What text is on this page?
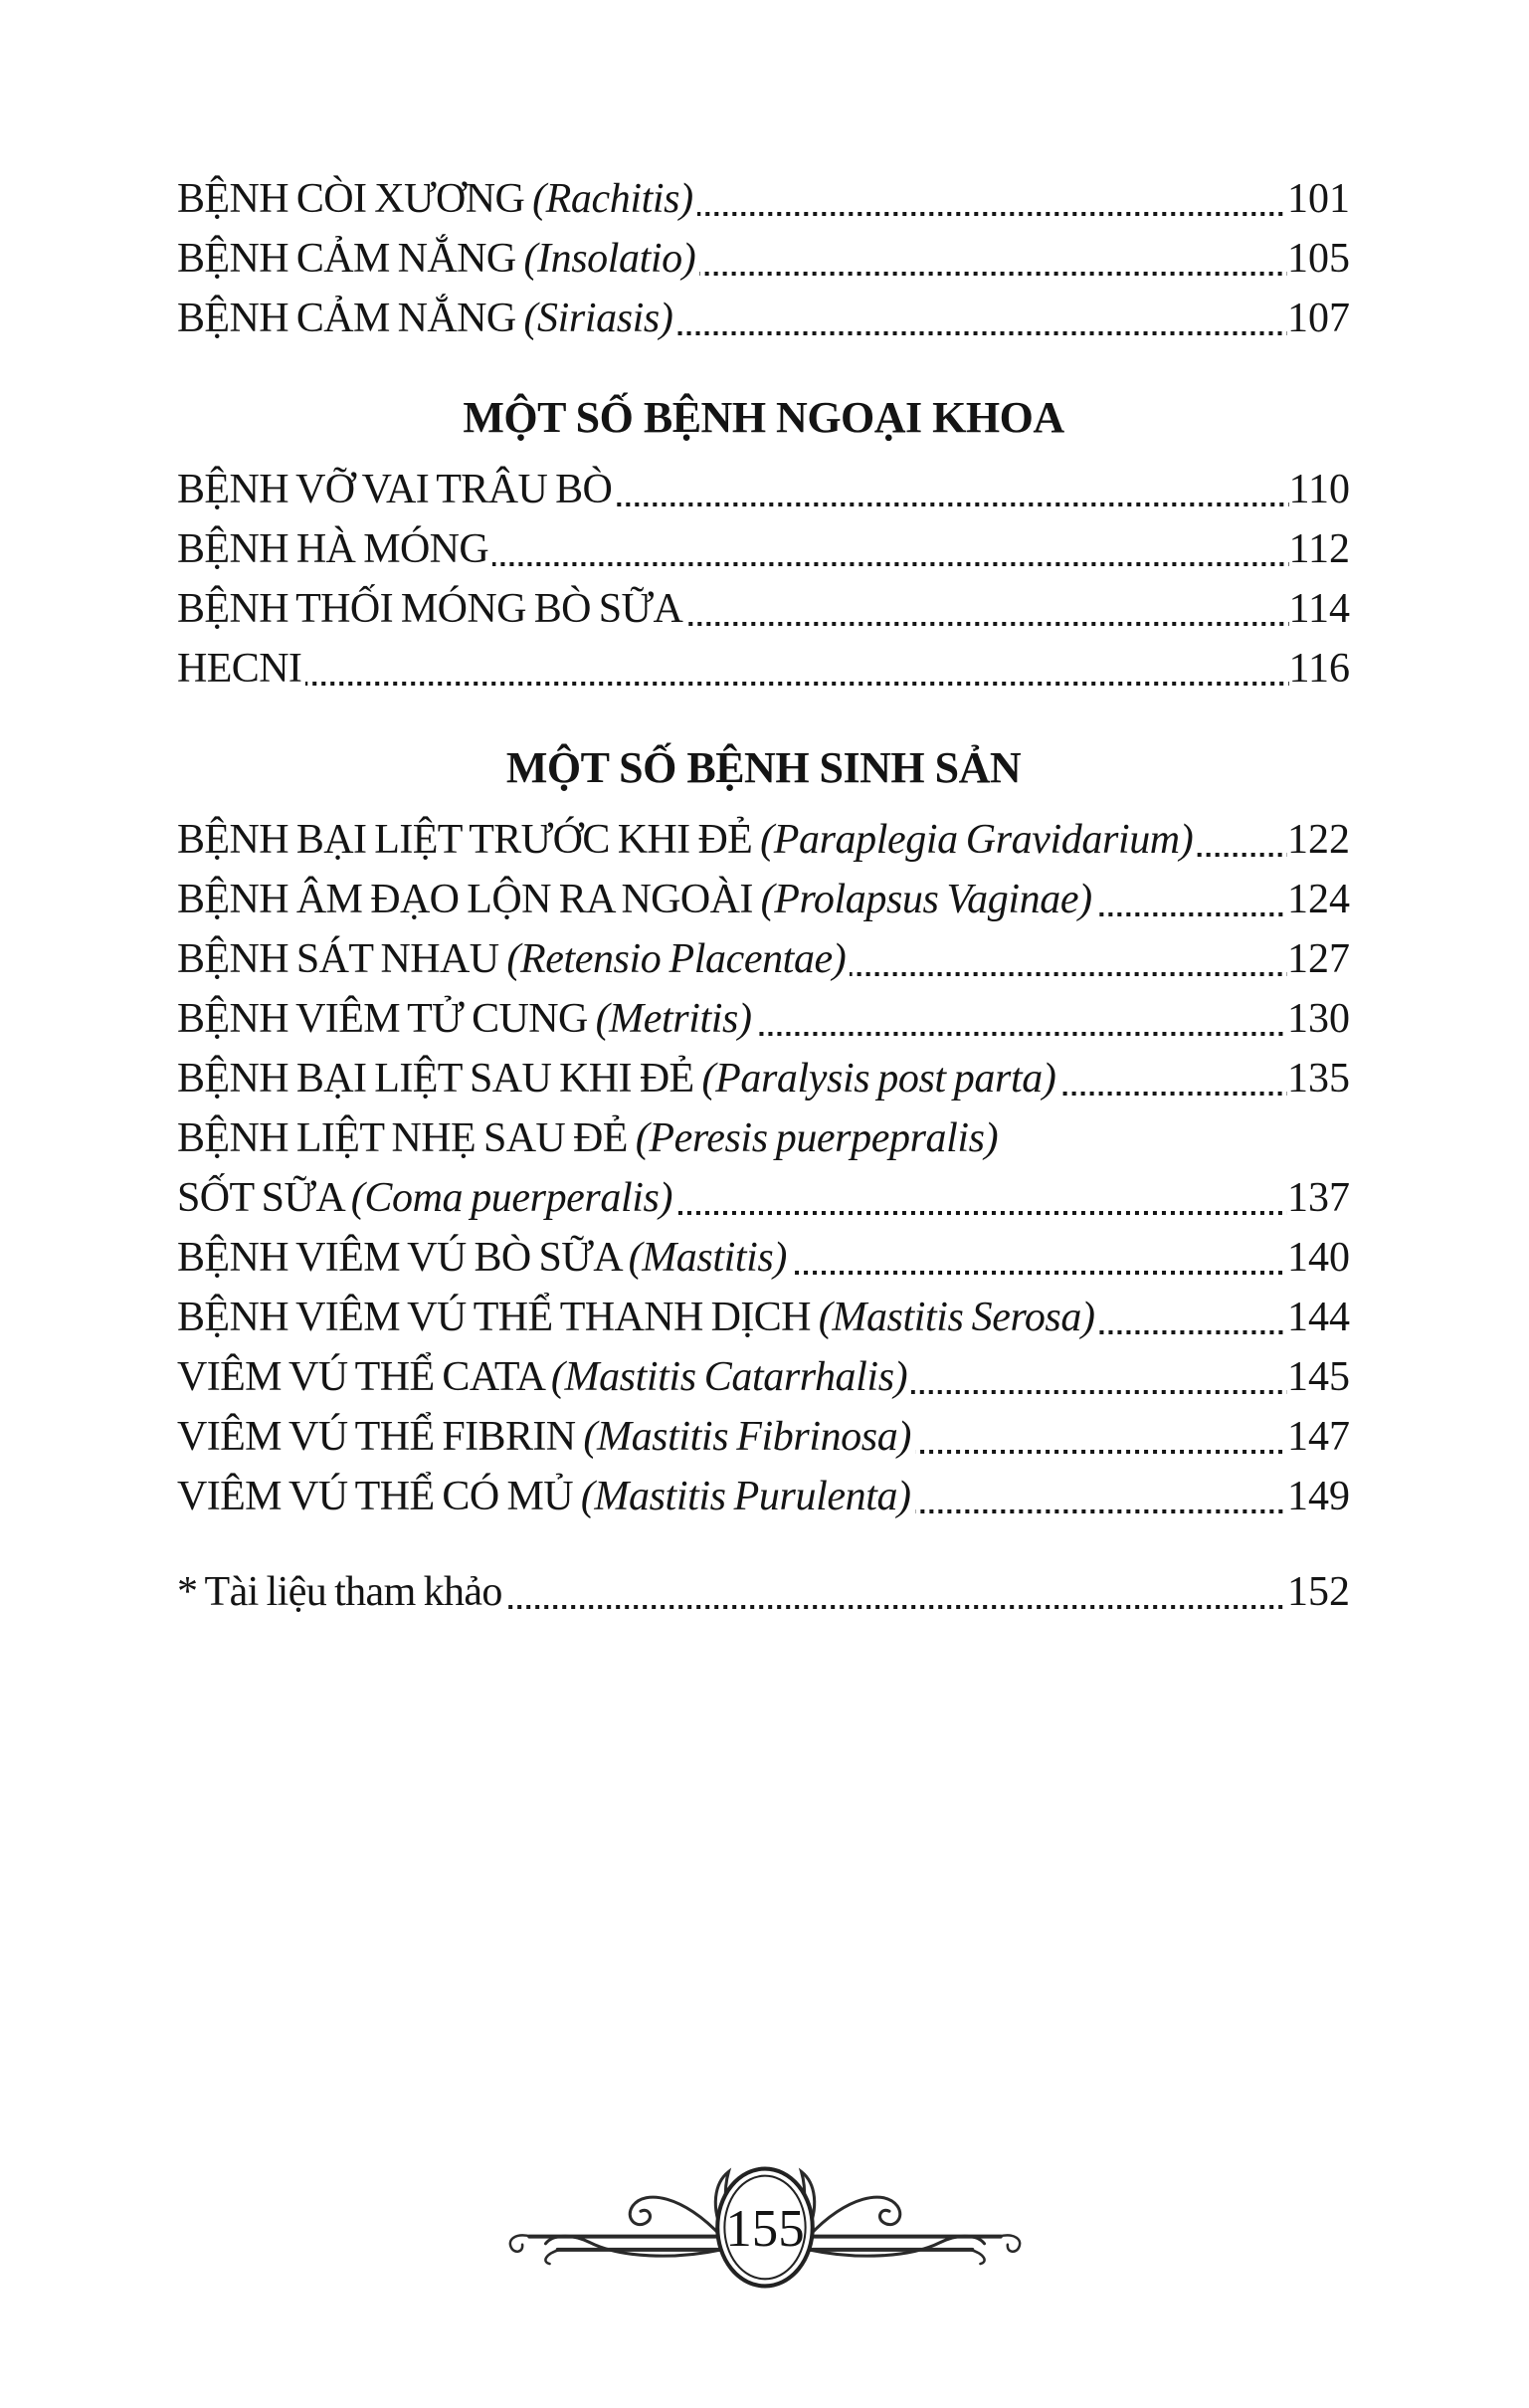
BỆNH CÒI XƯƠNG (Rachitis)	101
BỆNH CẢM NẮNG (Insolatio)	105
BỆNH CẢM NẮNG (Siriasis)	107
MỘT SỐ BỆNH NGOẠI KHOA
BỆNH VỠ VAI TRÂU BÒ	110
BỆNH HÀ MÓNG	112
BỆNH THỐI MÓNG BÒ SỮA	114
HECNI	116
MỘT SỐ BỆNH SINH SẢN
BỆNH BẠI LIỆT TRƯỚC KHI ĐẺ (Paraplegia Gravidarium) 122
BỆNH ÂM ĐẠO LỘN RA NGOÀI (Prolapsus Vaginae)	124
BỆNH SÁT NHAU (Retensio Placentae)	127
BỆNH VIÊM TỬ CUNG (Metritis)	130
BỆNH BẠI LIỆT SAU KHI ĐẺ (Paralysis post parta)	135
BỆNH LIỆT NHẸ SAU ĐẺ (Peresis puerpepralis)
SỐT SỮA (Coma puerperalis)	137
BỆNH VIÊM VÚ BÒ SỮA (Mastitis)	140
BỆNH VIÊM VÚ THỂ THANH DỊCH (Mastitis Serosa)	144
VIÊM VÚ THỂ CATA (Mastitis Catarrhalis)	145
VIÊM VÚ THỂ FIBRIN (Mastitis Fibrinosa)	147
VIÊM VÚ THỂ CÓ MỦ (Mastitis Purulenta)	149
* Tài liệu tham khảo	152
155
